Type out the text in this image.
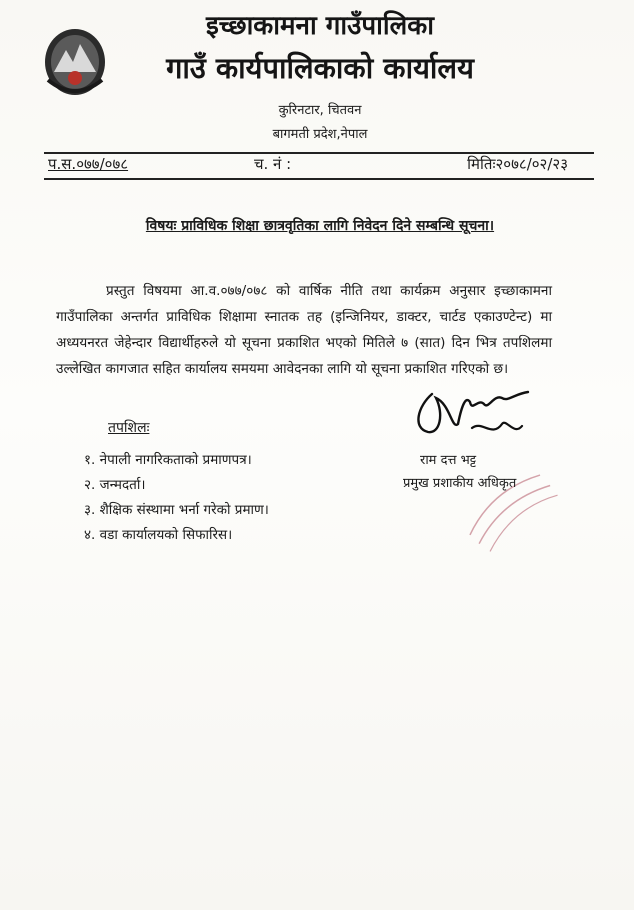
इच्छाकामना गाउँपालिका
गाउँ कार्यपालिकाको कार्यालय
कुरिनटार, चितवन
बागमती प्रदेश,नेपाल
प.स.०७७/०७८	च. नं :	मितिः२०७८/०२/२३
विषयः प्राविधिक शिक्षा छात्रवृतिका लागि निवेदन दिने सम्बन्धि सूचना।
प्रस्तुत विषयमा आ.व.०७७/०७८ को वार्षिक नीति तथा कार्यक्रम अनुसार इच्छाकामना गाउँपालिका अन्तर्गत प्राविधिक शिक्षामा स्नातक तह (इन्जिनियर, डाक्टर, चार्टड एकाउण्टेन्ट) मा अध्ययनरत जेहेन्दार विद्यार्थीहरुले यो सूचना प्रकाशित भएको मितिले ७ (सात) दिन भित्र तपशिलमा उल्लेखित कागजात सहित कार्यालय समयमा आवेदनका लागि यो सूचना प्रकाशित गरिएको छ।
तपशिलः
१. नेपाली नागरिकताको प्रमाणपत्र।
२. जन्मदर्ता।
३. शैक्षिक संस्थामा भर्ना गरेको प्रमाण।
४. वडा कार्यालयको सिफारिस।
राम दत्त भट्ट
प्रमुख प्रशाकीय अधिकृत
